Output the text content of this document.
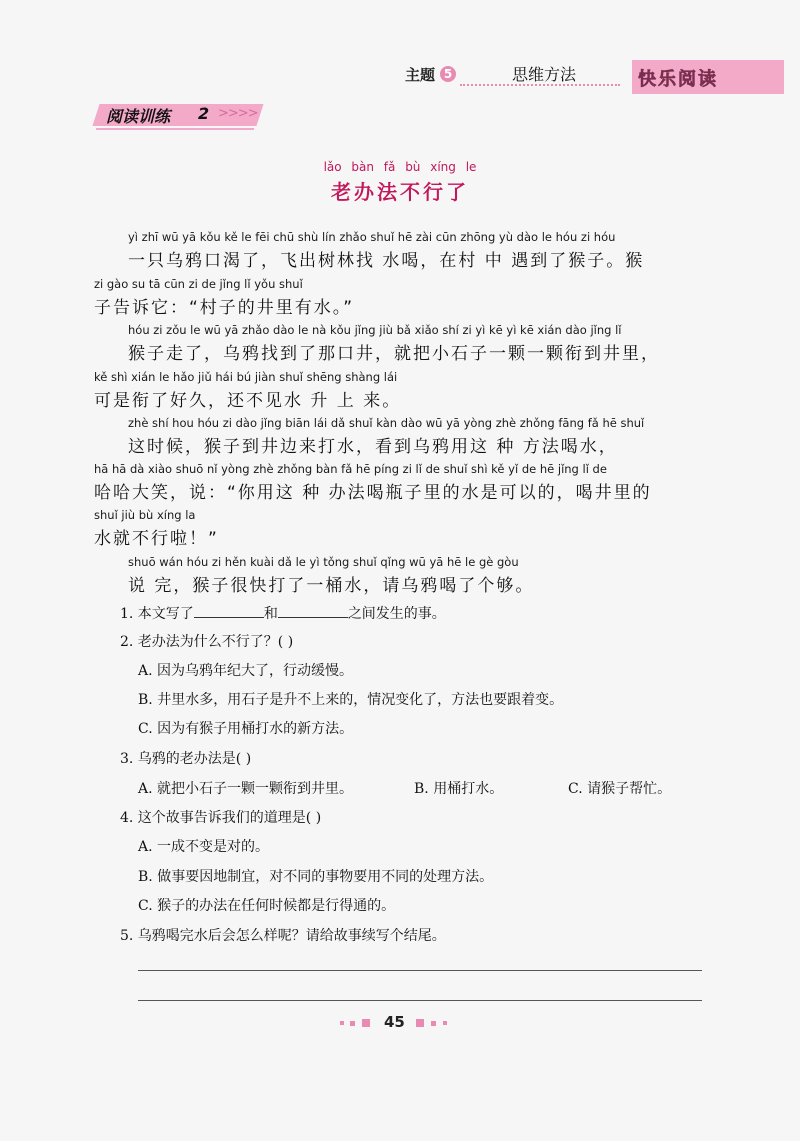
主题 5	思维方法	快乐阅读
阅读训练 2 >>>>
lǎo bàn fǎ bù xíng le
老办法不行了
yì zhī wū yā kǒu kě le fēi chū shù lín zhǎo shuǐ hē zài cūn zhōng yù dào le hóu zi hóu
一只乌鸦口渴了，飞出树林找 水喝，在村 中 遇到了猴子。猴
zi gào su tā cūn zi de jǐng lǐ yǒu shuǐ
子告诉它：“村子的井里有水。”
hóu zi zǒu le wū yā zhǎo dào le nà kǒu jǐng jiù bǎ xiǎo shí zi yì kē yì kē xián dào jǐng lǐ
猴子走了，乌鸦找到了那口井，就把小石子一颗一颗衔到井里，
kě shì xián le hǎo jiǔ hái bú jiàn shuǐ shēng shàng lái
可是衔了好久，还不见水 升 上 来。
zhè shí hou hóu zi dào jǐng biān lái dǎ shuǐ kàn dào wū yā yòng zhè zhǒng fāng fǎ hē shuǐ
这时候，猴子到井边来打水，看到乌鸦用这 种 方法喝水，
hā hā dà xiào shuō nǐ yòng zhè zhǒng bàn fǎ hē píng zi lǐ de shuǐ shì kě yǐ de hē jǐng lǐ de
哈哈大笑，说：“你用这 种 办法喝瓶子里的水是可以的，喝井里的
shuǐ jiù bù xíng la
水就不行啦！”
shuō wán hóu zi hěn kuài dǎ le yì tǒng shuǐ qǐng wū yā hē le gè gòu
说 完，猴子很快打了一桶水，请乌鸦喝了个够。
1. 本文写了	和	之间发生的事。
2. 老办法为什么不行了？( )
A. 因为乌鸦年纪大了，行动缓慢。
B. 井里水多，用石子是升不上来的，情况变化了，方法也要跟着变。
C. 因为有猴子用桶打水的新方法。
3. 乌鸦的老办法是( )
A. 就把小石子一颗一颗衔到井里。	B. 用桶打水。	C. 请猴子帮忙。
4. 这个故事告诉我们的道理是( )
A. 一成不变是对的。
B. 做事要因地制宜，对不同的事物要用不同的处理方法。
C. 猴子的办法在任何时候都是行得通的。
5. 乌鸦喝完水后会怎么样呢？请给故事续写个结尾。
45
